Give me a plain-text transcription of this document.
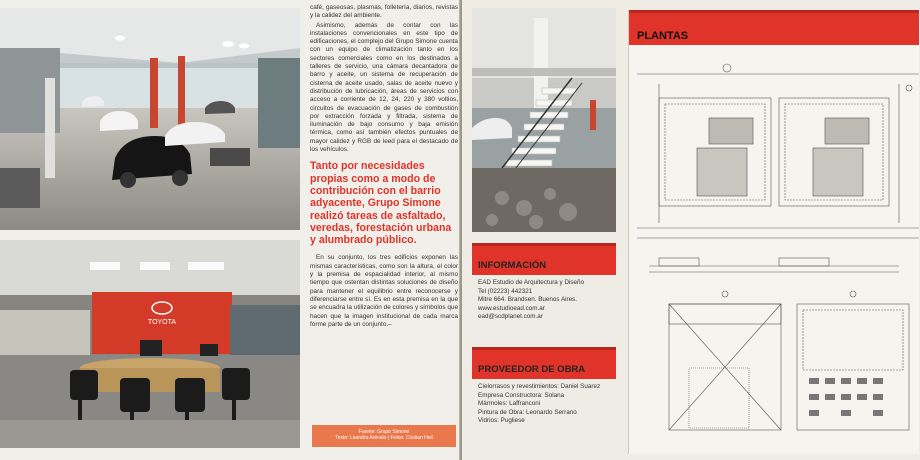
TOYOTA

café, gaseosas, plasmas, folletería, diarios, revistas y la calidez del ambiente.

Asimismo, además de contar con las instalaciones convencionales en este tipo de edificaciones, el complejo del Grupo Simone cuenta con un equipo de climatización tanto en los sectores comerciales como en los destinados a talleres de servicio, una cámara decantadora de barro y aceite, un sistema de recuperación de cisterna de aceite usado, salas de aceite nuevo y distribución de lubricación, áreas de servicios con acceso a corriente de 12, 24, 220 y 380 voltios, circuitos de evacuación de gases de combustión por extracción forzada y filtrada, sistema de iluminación de bajo consumo y baja emisión térmica, como así también efectos puntuales de mayor calidez y RGB de leed para el destacado de los vehículos.

Tanto por necesidades propias como a modo de contribución con el barrio adyacente, Grupo Simone realizó tareas de asfaltado, veredas, forestación urbana y alumbrado público.

En su conjunto, los tres edificios exponen las mismas características, como son la altura, el color y la premisa de espacialidad interior, al mismo tiempo que ostentan distintas soluciones de diseño para mantener el equilibrio entre reconocerse y diferenciarse entre sí. Es en esta premisa en la que se encuadra la utilización de colores y símbolos que hacen que la imagen institucional de cada marca forme parte de un conjunto.–

Fuente: Grupo Simone
Texto: Leandro Arévalo | Fotos: Cristian Heil
INFORMACIÓN
EAD Estudio de Arquitectura y Diseño
Tel (02223) 442321
Mitre 664. Brandsen. Buenos Aires.
www.estudioead.com.ar
ead@scdplanet.com.ar
PROVEEDOR DE OBRA
Cielorrasos y revestimientos: Daniel Suarez
Empresa Constructora: Solana
Mármoles: Laffranconi
Pintura de Obra: Leonardo Serrano
Vidrios: Pugliese
PLANTAS
